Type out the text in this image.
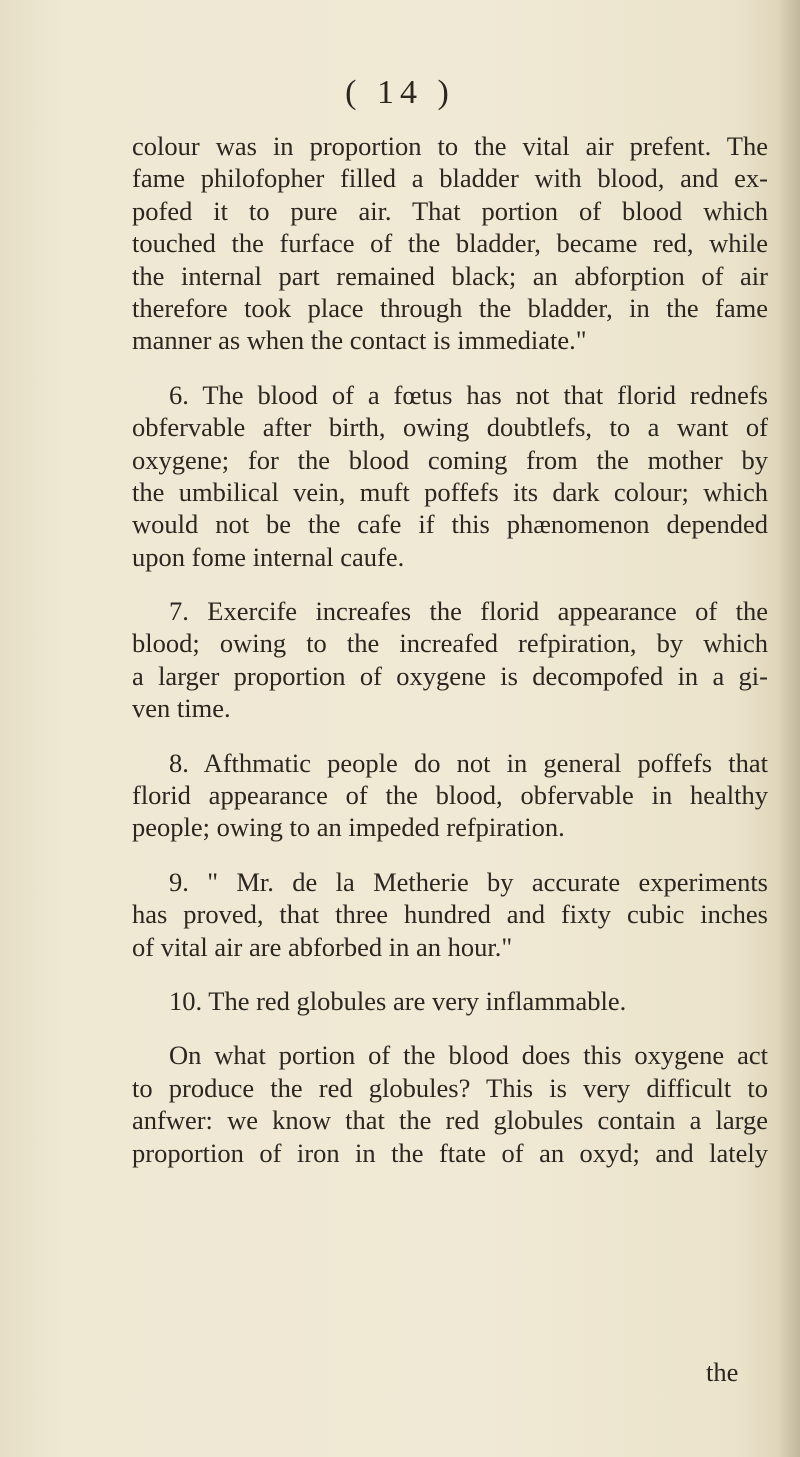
( 14 )
colour was in proportion to the vital air prefent. The
fame philofopher filled a bladder with blood, and ex-
pofed it to pure air. That portion of blood which
touched the furface of the bladder, became red, while
the internal part remained black; an abforption of air
therefore took place through the bladder, in the fame
manner as when the contact is immediate."
6. The blood of a fœtus has not that florid rednefs
obfervable after birth, owing doubtlefs, to a want of
oxygene; for the blood coming from the mother by
the umbilical vein, muft poffefs its dark colour; which
would not be the cafe if this phænomenon depended
upon fome internal caufe.
7. Exercife increafes the florid appearance of the
blood; owing to the increafed refpiration, by which
a larger proportion of oxygene is decompofed in a gi-
ven time.
8. Afthmatic people do not in general poffefs that
florid appearance of the blood, obfervable in healthy
people; owing to an impeded refpiration.
9. " Mr. de la Metherie by accurate experiments
has proved, that three hundred and fixty cubic inches
of vital air are abforbed in an hour."
10. The red globules are very inflammable.
On what portion of the blood does this oxygene act
to produce the red globules? This is very difficult to
anfwer: we know that the red globules contain a large
proportion of iron in the ftate of an oxyd; and lately
the
